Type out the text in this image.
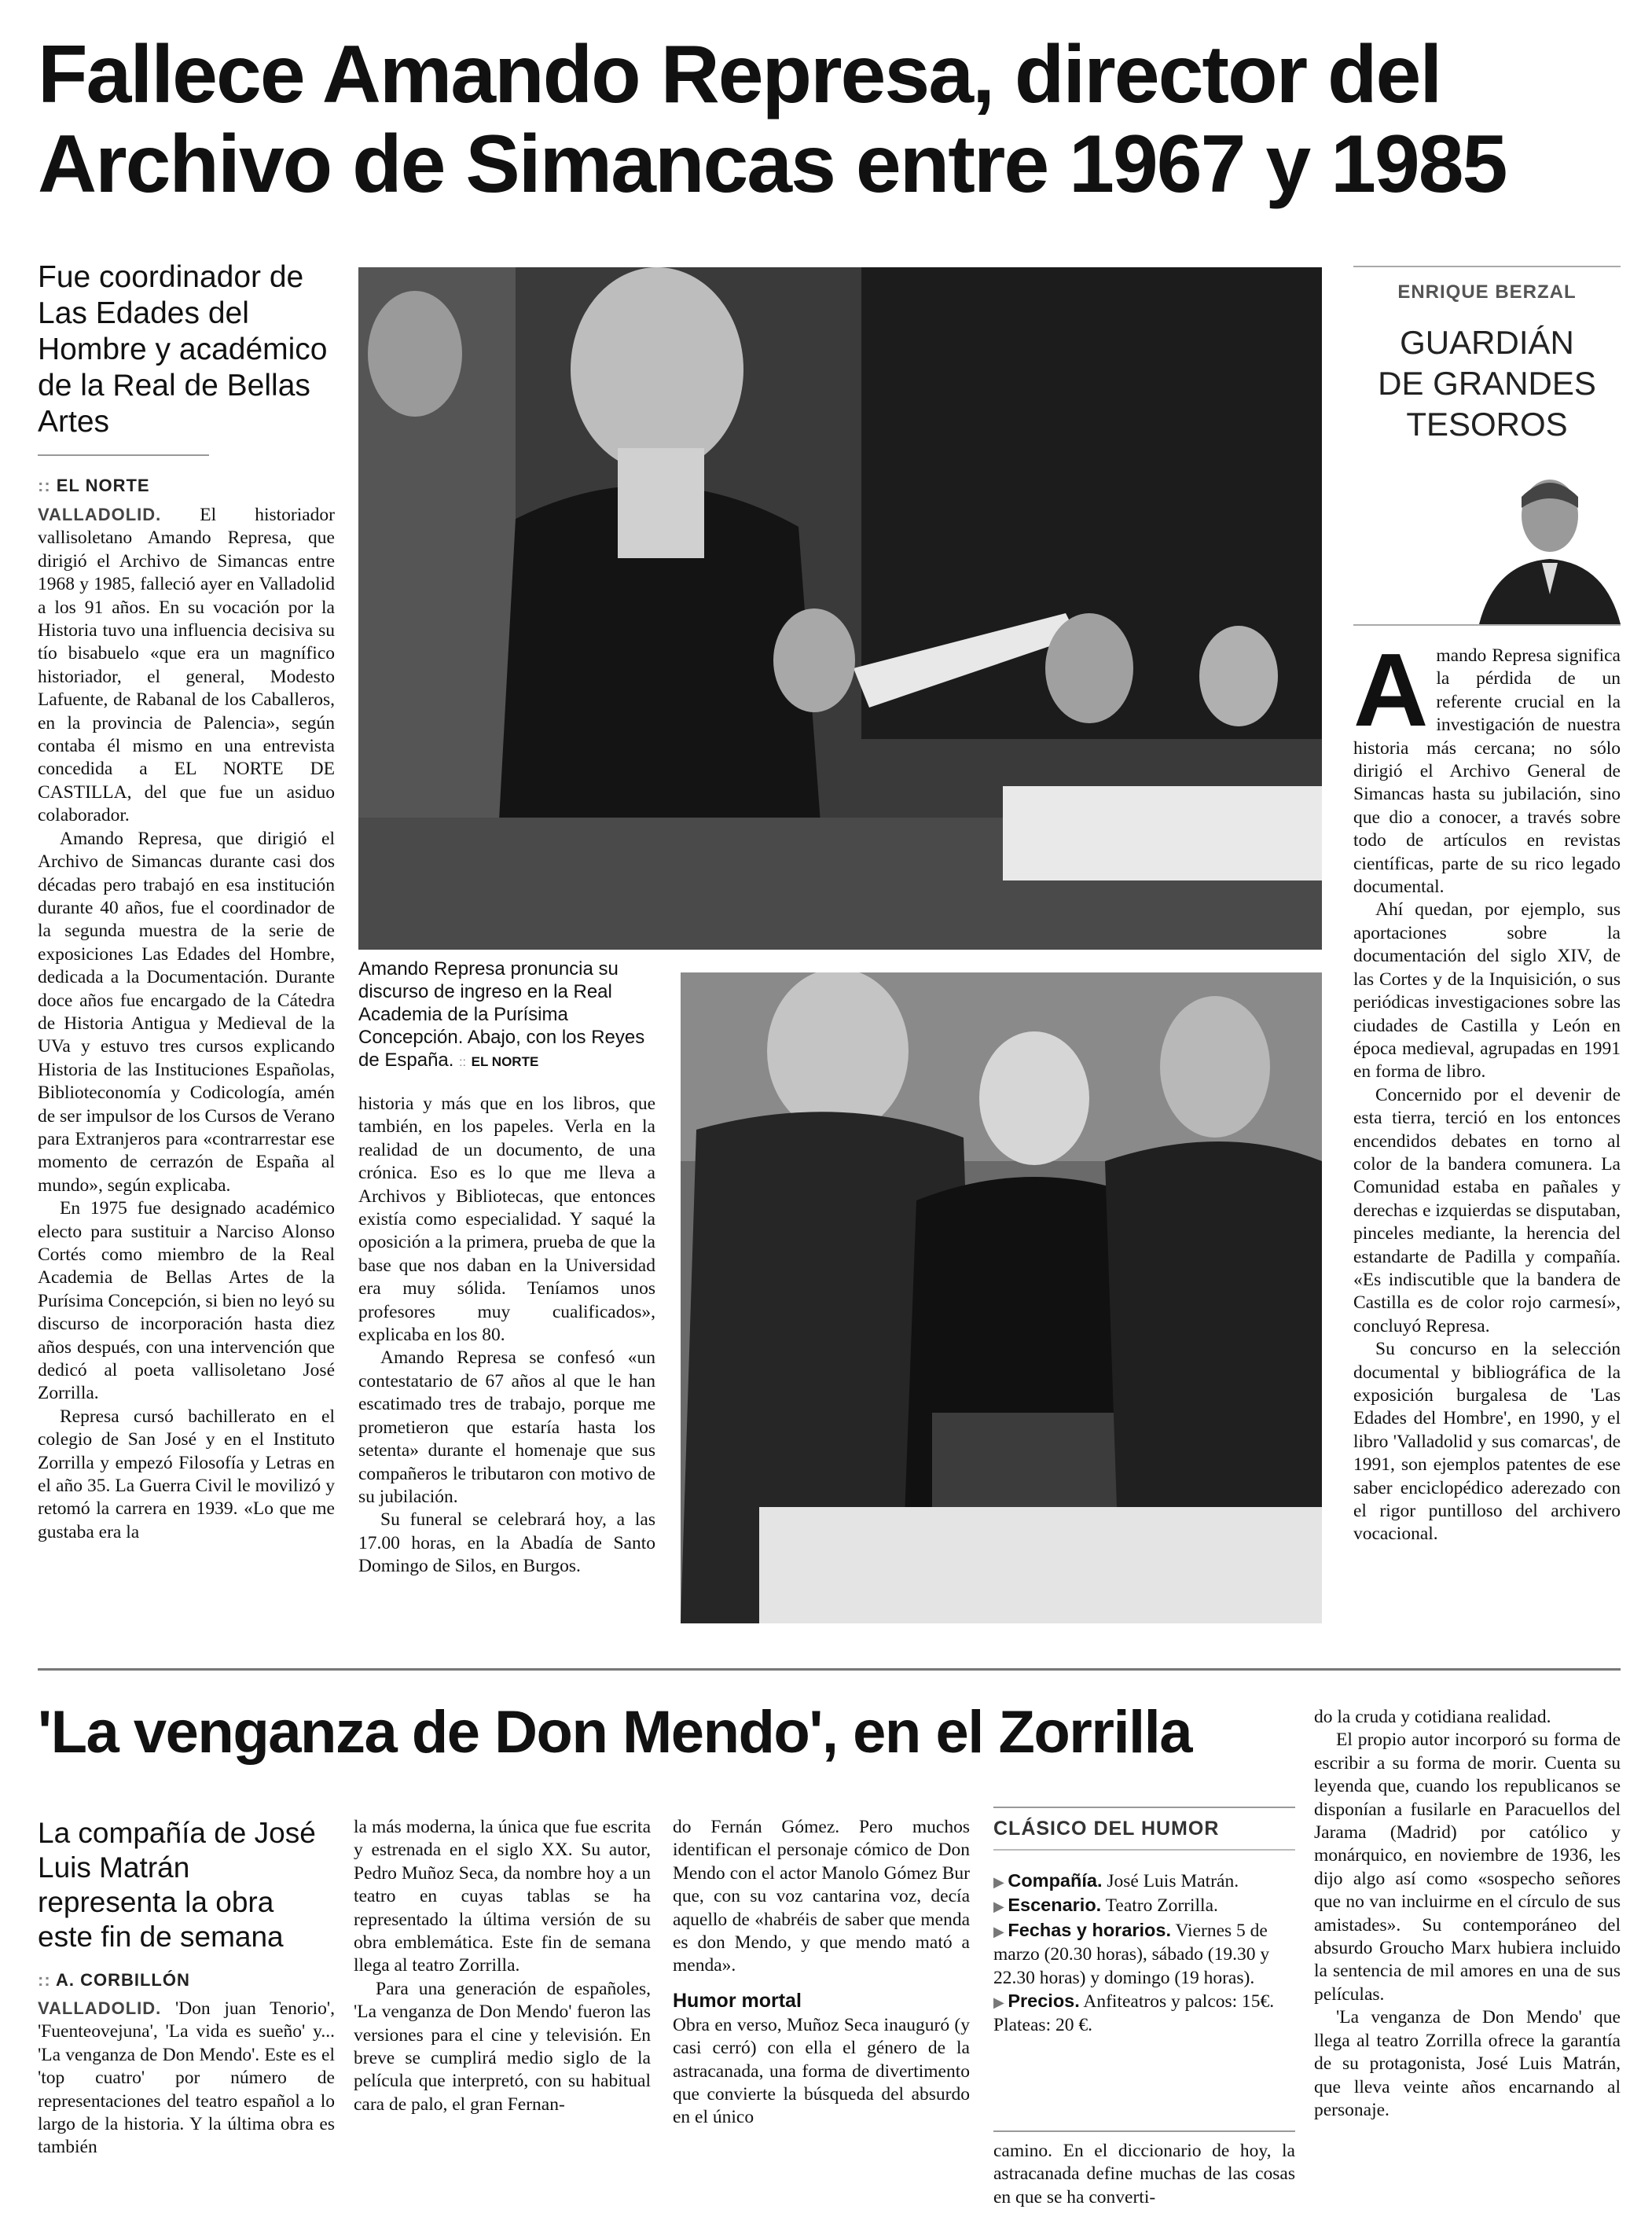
Fallece Amando Represa, director del
Archivo de Simancas entre 1967 y 1985
Fue coordinador de Las Edades del Hombre y académico de la Real de Bellas Artes
:: EL NORTE

VALLADOLID. El historiador vallisoletano Amando Represa, que dirigió el Archivo de Simancas entre 1968 y 1985, falleció ayer en Valladolid a los 91 años. En su vocación por la Historia tuvo una influencia decisiva su tío bisabuelo «que era un magnífico historiador, el general, Modesto Lafuente, de Rabanal de los Caballeros, en la provincia de Palencia», según contaba él mismo en una entrevista concedida a EL NORTE DE CASTILLA, del que fue un asiduo colaborador.

Amando Represa, que dirigió el Archivo de Simancas durante casi dos décadas pero trabajó en esa institución durante 40 años, fue el coordinador de la segunda muestra de la serie de exposiciones Las Edades del Hombre, dedicada a la Documentación. Durante doce años fue encargado de la Cátedra de Historia Antigua y Medieval de la UVa y estuvo tres cursos explicando Historia de las Instituciones Españolas, Biblioteconomía y Codicología, amén de ser impulsor de los Cursos de Verano para Extranjeros para «contrarrestar ese momento de cerrazón de España al mundo», según explicaba.

En 1975 fue designado académico electo para sustituir a Narciso Alonso Cortés como miembro de la Real Academia de Bellas Artes de la Purísima Concepción, si bien no leyó su discurso de incorporación hasta diez años después, con una intervención que dedicó al poeta vallisoletano José Zorrilla.

Represa cursó bachillerato en el colegio de San José y en el Instituto Zorrilla y empezó Filosofía y Letras en el año 35. La Guerra Civil le movilizó y retomó la carrera en 1939. «Lo que me gustaba era la

Amando Represa pronuncia su discurso de ingreso en la Real Academia de la Purísima Concepción. Abajo, con los Reyes de España. :: EL NORTE

historia y más que en los libros, que también, en los papeles. Verla en la realidad de un documento, de una crónica. Eso es lo que me lleva a Archivos y Bibliotecas, que entonces existía como especialidad. Y saqué la oposición a la primera, prueba de que la base que nos daban en la Universidad era muy sólida. Teníamos unos profesores muy cualificados», explicaba en los 80.

Amando Represa se confesó «un contestatario de 67 años al que le han escatimado tres de trabajo, porque me prometieron que estaría hasta los setenta» durante el homenaje que sus compañeros le tributaron con motivo de su jubilación.

Su funeral se celebrará hoy, a las 17.00 horas, en la Abadía de Santo Domingo de Silos, en Burgos.

ENRIQUE BERZAL
GUARDIÁN
DE GRANDES
TESOROS

Amando Represa significa la pérdida de un referente crucial en la investigación de nuestra historia más cercana; no sólo dirigió el Archivo General de Simancas hasta su jubilación, sino que dio a conocer, a través sobre todo de artículos en revistas científicas, parte de su rico legado documental.

Ahí quedan, por ejemplo, sus aportaciones sobre la documentación del siglo XIV, de las Cortes y de la Inquisición, o sus periódicas investigaciones sobre las ciudades de Castilla y León en época medieval, agrupadas en 1991 en forma de libro.

Concernido por el devenir de esta tierra, terció en los entonces encendidos debates en torno al color de la bandera comunera. La Comunidad estaba en pañales y derechas e izquierdas se disputaban, pinceles mediante, la herencia del estandarte de Padilla y compañía. «Es indiscutible que la bandera de Castilla es de color rojo carmesí», concluyó Represa.

Su concurso en la selección documental y bibliográfica de la exposición burgalesa de 'Las Edades del Hombre', en 1990, y el libro 'Valladolid y sus comarcas', de 1991, son ejemplos patentes de ese saber enciclopédico aderezado con el rigor puntilloso del archivero vocacional.

'La venganza de Don Mendo', en el Zorrilla
La compañía de José Luis Matrán representa la obra este fin de semana
:: A. CORBILLÓN

VALLADOLID. 'Don juan Tenorio', 'Fuenteovejuna', 'La vida es sueño' y... 'La venganza de Don Mendo'. Este es el 'top cuatro' por número de representaciones del teatro español a lo largo de la historia. Y la última obra es también

la más moderna, la única que fue escrita y estrenada en el siglo XX. Su autor, Pedro Muñoz Seca, da nombre hoy a un teatro en cuyas tablas se ha representado la última versión de su obra emblemática. Este fin de semana llega al teatro Zorrilla.

Para una generación de españoles, 'La venganza de Don Mendo' fueron las versiones para el cine y televisión. En breve se cumplirá medio siglo de la película que interpretó, con su habitual cara de palo, el gran Fernan-

do Fernán Gómez. Pero muchos identifican el personaje cómico de Don Mendo con el actor Manolo Gómez Bur que, con su voz cantarina voz, decía aquello de «habréis de saber que menda es don Mendo, y que mendo mató a menda».

Humor mortal

Obra en verso, Muñoz Seca inauguró (y casi cerró) con ella el género de la astracanada, una forma de divertimento que convierte la búsqueda del absurdo en el único

CLÁSICO DEL HUMOR
▶ Compañía. José Luis Matrán.
▶ Escenario. Teatro Zorrilla.
▶ Fechas y horarios. Viernes 5 de marzo (20.30 horas), sábado (19.30 y 22.30 horas) y domingo (19 horas).
▶ Precios. Anfiteatros y palcos: 15€. Plateas: 20 €.

camino. En el diccionario de hoy, la astracanada define muchas de las cosas en que se ha converti-

do la cruda y cotidiana realidad.

El propio autor incorporó su forma de escribir a su forma de morir. Cuenta su leyenda que, cuando los republicanos se disponían a fusilarle en Paracuellos del Jarama (Madrid) por católico y monárquico, en noviembre de 1936, les dijo algo así como «sospecho señores que no van incluirme en el círculo de sus amistades». Su contemporáneo del absurdo Groucho Marx hubiera incluido la sentencia de mil amores en una de sus películas.

'La venganza de Don Mendo' que llega al teatro Zorrilla ofrece la garantía de su protagonista, José Luis Matrán, que lleva veinte años encarnando al personaje.
